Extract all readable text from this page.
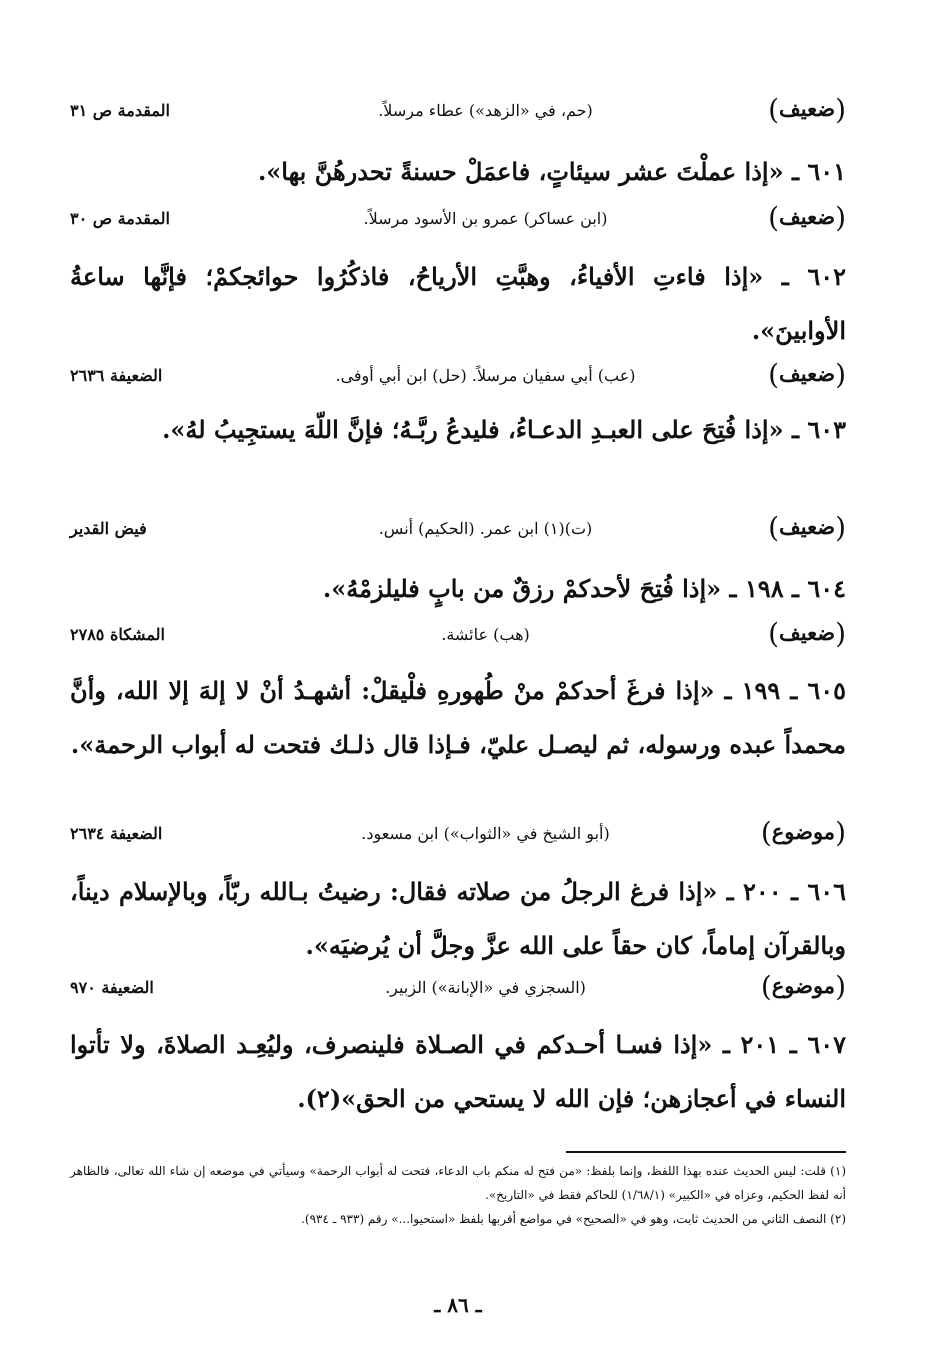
(ضعيف)
(حم، في «الزهد») عطاء مرسلاً.
المقدمة ص ٣١
٦٠١ ـ «إذا عملْتَ عشر سيئاتٍ، فاعمَلْ حسنةً تحدرهُنَّ بها».
(ضعيف)
(ابن عساكر) عمرو بن الأسود مرسلاً.
المقدمة ص ٣٠
٦٠٢ ـ «إذا فاءتِ الأفياءُ، وهبَّتِ الأرياحُ، فاذكُرُوا حوائجكمْ؛ فإنَّها ساعةُ الأوابينَ».
(ضعيف)
(عب) أبي سفيان مرسلاً. (حل) ابن أبي أوفى.
الضعيفة ٢٦٣٦
٦٠٣ ـ «إذا فُتِحَ على العبـدِ الدعـاءُ، فليدعُ ربَّـهُ؛ فإنَّ اللّهَ يستجِيبُ لهُ».
(ضعيف)
(ت)(١) ابن عمر. (الحكيم) أنس.
فيض القدير
٦٠٤ ـ ١٩٨ ـ «إذا فُتِحَ لأحدكمْ رزقٌ من بابٍ فليلزمْهُ».
(ضعيف)
(هب) عائشة.
المشكاة ٢٧٨٥
٦٠٥ ـ ١٩٩ ـ «إذا فرغَ أحدكمْ منْ طُهورهِ فلْيقلْ: أشهـدُ أنْ لا إلهَ إلا الله، وأنَّ محمداً عبده ورسوله، ثم ليصـل عليّ، فـإذا قال ذلـك فتحت له أبواب الرحمة».
(موضوع)
(أبو الشيخ في «الثواب») ابن مسعود.
الضعيفة ٢٦٣٤
٦٠٦ ـ ٢٠٠ ـ «إذا فرغ الرجلُ من صلاته فقال: رضيتُ بـالله ربّاً، وبالإسلام ديناً، وبالقرآن إماماً، كان حقاً على الله عزَّ وجلَّ أن يُرضيَه».
(موضوع)
(السجزي في «الإبانة») الزبير.
الضعيفة ٩٧٠
٦٠٧ ـ ٢٠١ ـ «إذا فسـا أحـدكم في الصـلاة فلينصرف، وليُعِـد الصلاةَ، ولا تأتوا النساء في أعجازهن؛ فإن الله لا يستحي من الحق»(٢).
(١) قلت: ليس الحديث عنده بهذا اللفظ، وإنما بلفظ: «من فتح له منكم باب الدعاء، فتحت له أبواب الرحمة» وسيأتي في موضعه إن شاء الله تعالى، فالظاهر أنه لفظ الحكيم، وعزاه في «الكبير» (١/٦٨/١) للحاكم فقط في «التاريخ».
(٢) النصف الثاني من الحديث ثابت، وهو في «الصحيح» في مواضع أقربها بلفظ «استحيوا...» رقم (٩٣٣ ـ ٩٣٤).
ـ ٨٦ ـ
